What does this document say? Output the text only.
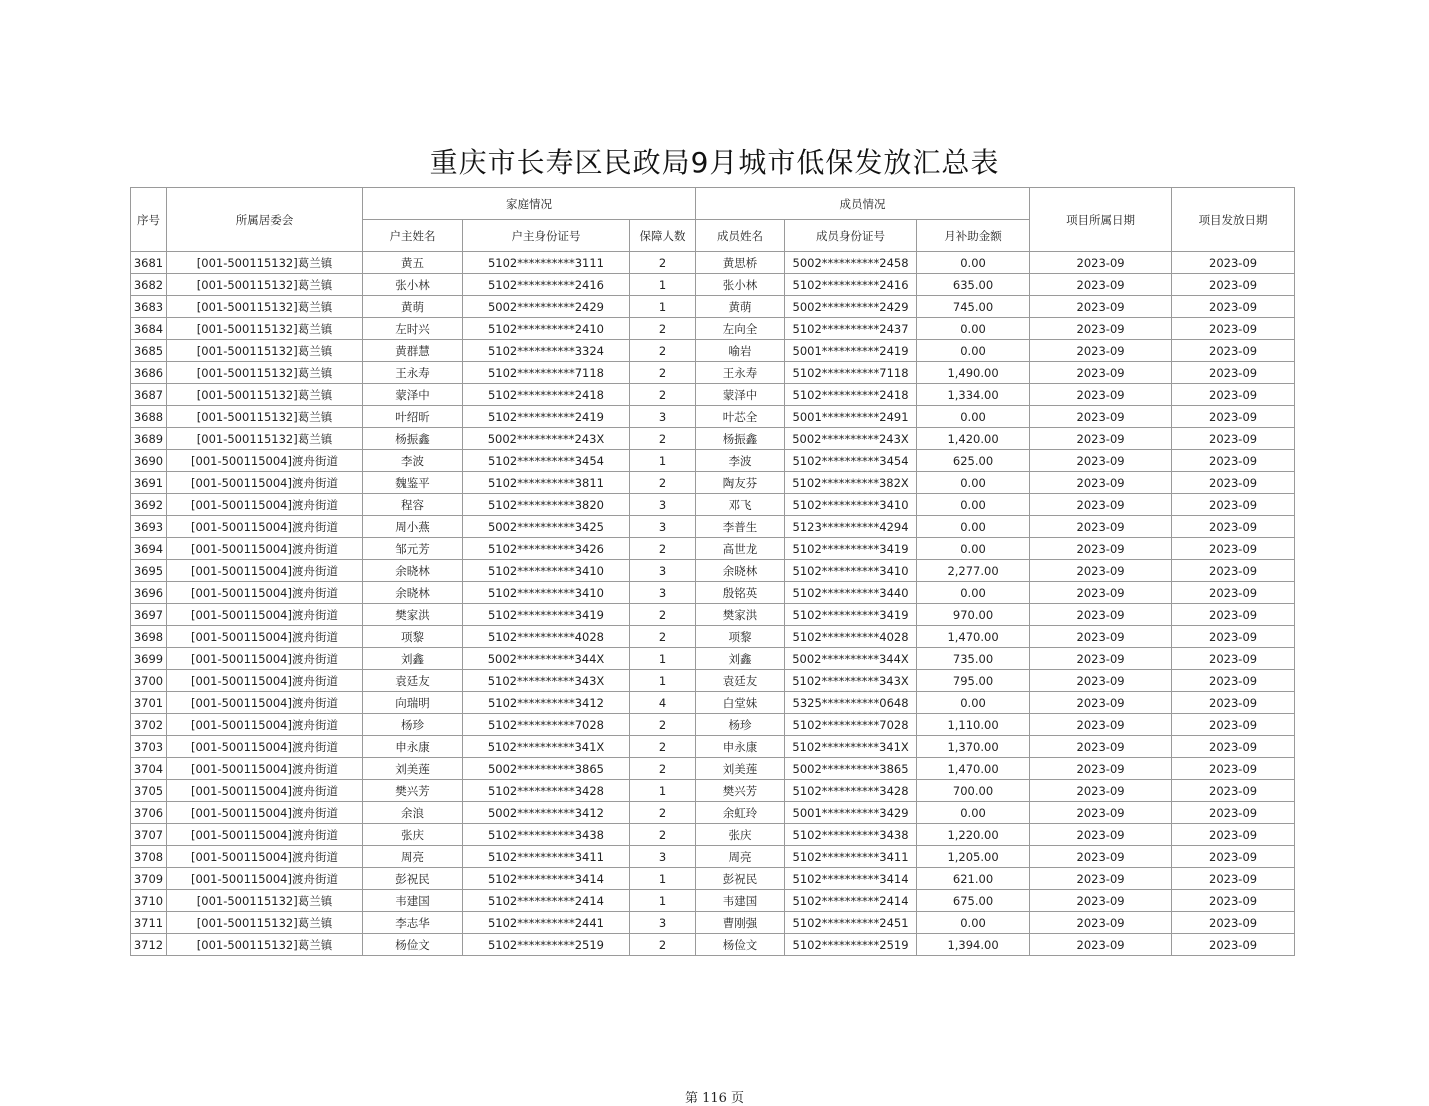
重庆市长寿区民政局9月城市低保发放汇总表
序号	所属居委会	家庭情况			成员情况			项目所属日期	项目发放日期
		户主姓名	户主身份证号	保障人数	成员姓名	成员身份证号	月补助金额		
3681	[001-500115132]葛兰镇	黄五	5102**********3111	2	黄思桥	5002**********2458	0.00	2023-09	2023-09
3682	[001-500115132]葛兰镇	张小林	5102**********2416	1	张小林	5102**********2416	635.00	2023-09	2023-09
3683	[001-500115132]葛兰镇	黄萌	5002**********2429	1	黄萌	5002**********2429	745.00	2023-09	2023-09
3684	[001-500115132]葛兰镇	左时兴	5102**********2410	2	左向全	5102**********2437	0.00	2023-09	2023-09
3685	[001-500115132]葛兰镇	黄群慧	5102**********3324	2	喻岩	5001**********2419	0.00	2023-09	2023-09
3686	[001-500115132]葛兰镇	王永寿	5102**********7118	2	王永寿	5102**********7118	1,490.00	2023-09	2023-09
3687	[001-500115132]葛兰镇	蒙泽中	5102**********2418	2	蒙泽中	5102**********2418	1,334.00	2023-09	2023-09
3688	[001-500115132]葛兰镇	叶绍昕	5102**********2419	3	叶芯全	5001**********2491	0.00	2023-09	2023-09
3689	[001-500115132]葛兰镇	杨振鑫	5002**********243X	2	杨振鑫	5002**********243X	1,420.00	2023-09	2023-09
3690	[001-500115004]渡舟街道	李波	5102**********3454	1	李波	5102**********3454	625.00	2023-09	2023-09
3691	[001-500115004]渡舟街道	魏鉴平	5102**********3811	2	陶友芬	5102**********382X	0.00	2023-09	2023-09
3692	[001-500115004]渡舟街道	程容	5102**********3820	3	邓飞	5102**********3410	0.00	2023-09	2023-09
3693	[001-500115004]渡舟街道	周小燕	5002**********3425	3	李普生	5123**********4294	0.00	2023-09	2023-09
3694	[001-500115004]渡舟街道	邹元芳	5102**********3426	2	高世龙	5102**********3419	0.00	2023-09	2023-09
3695	[001-500115004]渡舟街道	余晓林	5102**********3410	3	余晓林	5102**********3410	2,277.00	2023-09	2023-09
3696	[001-500115004]渡舟街道	余晓林	5102**********3410	3	殷铭英	5102**********3440	0.00	2023-09	2023-09
3697	[001-500115004]渡舟街道	樊家洪	5102**********3419	2	樊家洪	5102**********3419	970.00	2023-09	2023-09
3698	[001-500115004]渡舟街道	项黎	5102**********4028	2	项黎	5102**********4028	1,470.00	2023-09	2023-09
3699	[001-500115004]渡舟街道	刘鑫	5002**********344X	1	刘鑫	5002**********344X	735.00	2023-09	2023-09
3700	[001-500115004]渡舟街道	袁廷友	5102**********343X	1	袁廷友	5102**********343X	795.00	2023-09	2023-09
3701	[001-500115004]渡舟街道	向瑞明	5102**********3412	4	白堂妹	5325**********0648	0.00	2023-09	2023-09
3702	[001-500115004]渡舟街道	杨珍	5102**********7028	2	杨珍	5102**********7028	1,110.00	2023-09	2023-09
3703	[001-500115004]渡舟街道	申永康	5102**********341X	2	申永康	5102**********341X	1,370.00	2023-09	2023-09
3704	[001-500115004]渡舟街道	刘美莲	5002**********3865	2	刘美莲	5002**********3865	1,470.00	2023-09	2023-09
3705	[001-500115004]渡舟街道	樊兴芳	5102**********3428	1	樊兴芳	5102**********3428	700.00	2023-09	2023-09
3706	[001-500115004]渡舟街道	余浪	5002**********3412	2	余虹玲	5001**********3429	0.00	2023-09	2023-09
3707	[001-500115004]渡舟街道	张庆	5102**********3438	2	张庆	5102**********3438	1,220.00	2023-09	2023-09
3708	[001-500115004]渡舟街道	周亮	5102**********3411	3	周亮	5102**********3411	1,205.00	2023-09	2023-09
3709	[001-500115004]渡舟街道	彭祝民	5102**********3414	1	彭祝民	5102**********3414	621.00	2023-09	2023-09
3710	[001-500115132]葛兰镇	韦建国	5102**********2414	1	韦建国	5102**********2414	675.00	2023-09	2023-09
3711	[001-500115132]葛兰镇	李志华	5102**********2441	3	曹刚强	5102**********2451	0.00	2023-09	2023-09
3712	[001-500115132]葛兰镇	杨俭文	5102**********2519	2	杨俭文	5102**********2519	1,394.00	2023-09	2023-09
第 116 页
